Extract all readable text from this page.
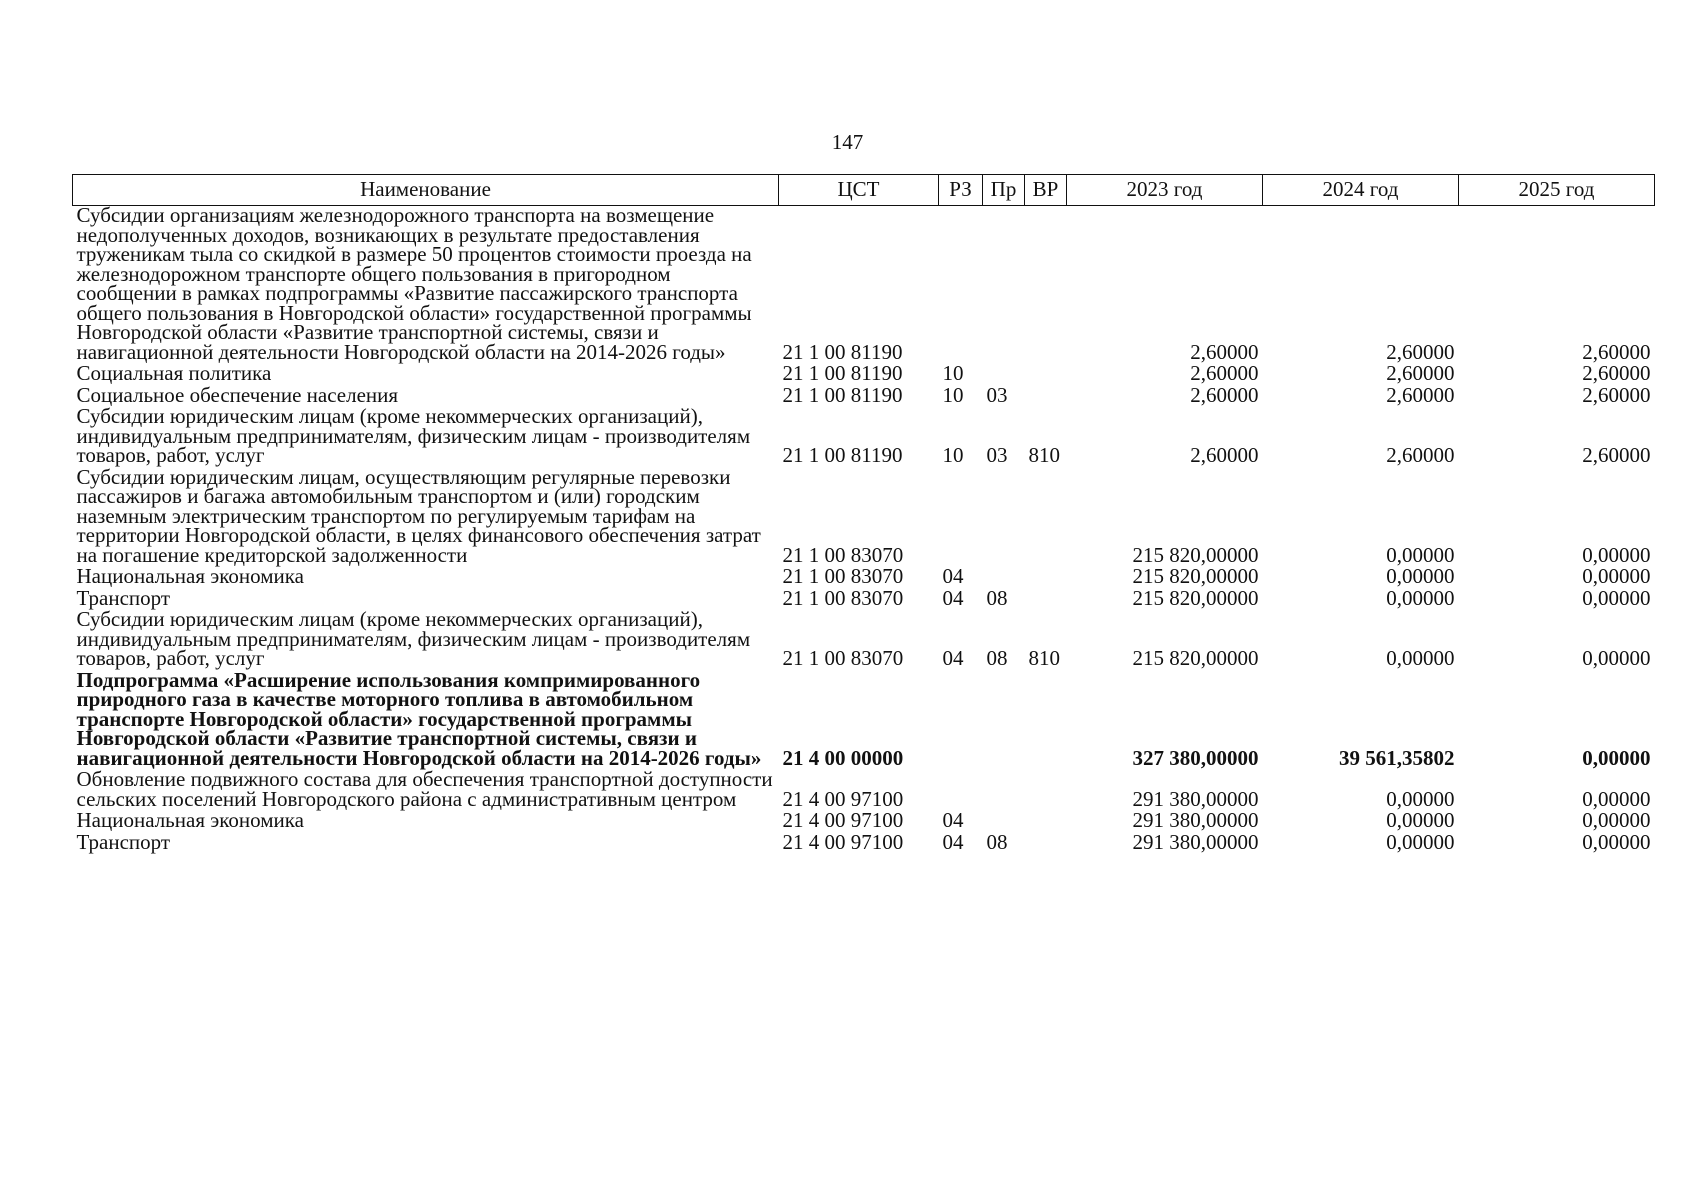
147
Наименование	ЦСТ	РЗ	Пр	ВР	2023 год	2024 год	2025 год
Субсидии организациям железнодорожного транспорта на возмещение недополученных доходов, возникающих в результате предоставления труженикам тыла со скидкой в размере 50 процентов стоимости проезда на железнодорожном транспорте общего пользования в пригородном сообщении в рамках подпрограммы «Развитие пассажирского транспорта общего пользования в Новгородской области» государственной программы Новгородской области «Развитие транспортной системы, связи и навигационной деятельности Новгородской области на 2014-2026 годы»	21 1 00 81190				2,60000	2,60000	2,60000
Социальная политика	21 1 00 81190	10			2,60000	2,60000	2,60000
Социальное обеспечение населения	21 1 00 81190	10	03		2,60000	2,60000	2,60000
Субсидии юридическим лицам (кроме некоммерческих организаций), индивидуальным предпринимателям, физическим лицам - производителям товаров, работ, услуг	21 1 00 81190	10	03	810	2,60000	2,60000	2,60000
Субсидии юридическим лицам, осуществляющим регулярные перевозки пассажиров и багажа автомобильным транспортом и (или) городским наземным электрическим транспортом по регулируемым тарифам на территории Новгородской области, в целях финансового обеспечения затрат на погашение кредиторской задолженности	21 1 00 83070				215 820,00000	0,00000	0,00000
Национальная экономика	21 1 00 83070	04			215 820,00000	0,00000	0,00000
Транспорт	21 1 00 83070	04	08		215 820,00000	0,00000	0,00000
Субсидии юридическим лицам (кроме некоммерческих организаций), индивидуальным предпринимателям, физическим лицам - производителям товаров, работ, услуг	21 1 00 83070	04	08	810	215 820,00000	0,00000	0,00000
Подпрограмма «Расширение использования компримированного природного газа в качестве моторного топлива в автомобильном транспорте Новгородской области» государственной программы Новгородской области «Развитие транспортной системы, связи и навигационной деятельности Новгородской области на 2014-2026 годы»	21 4 00 00000				327 380,00000	39 561,35802	0,00000
Обновление подвижного состава для обеспечения транспортной доступности сельских поселений Новгородского района с административным центром	21 4 00 97100				291 380,00000	0,00000	0,00000
Национальная экономика	21 4 00 97100	04			291 380,00000	0,00000	0,00000
Транспорт	21 4 00 97100	04	08		291 380,00000	0,00000	0,00000
